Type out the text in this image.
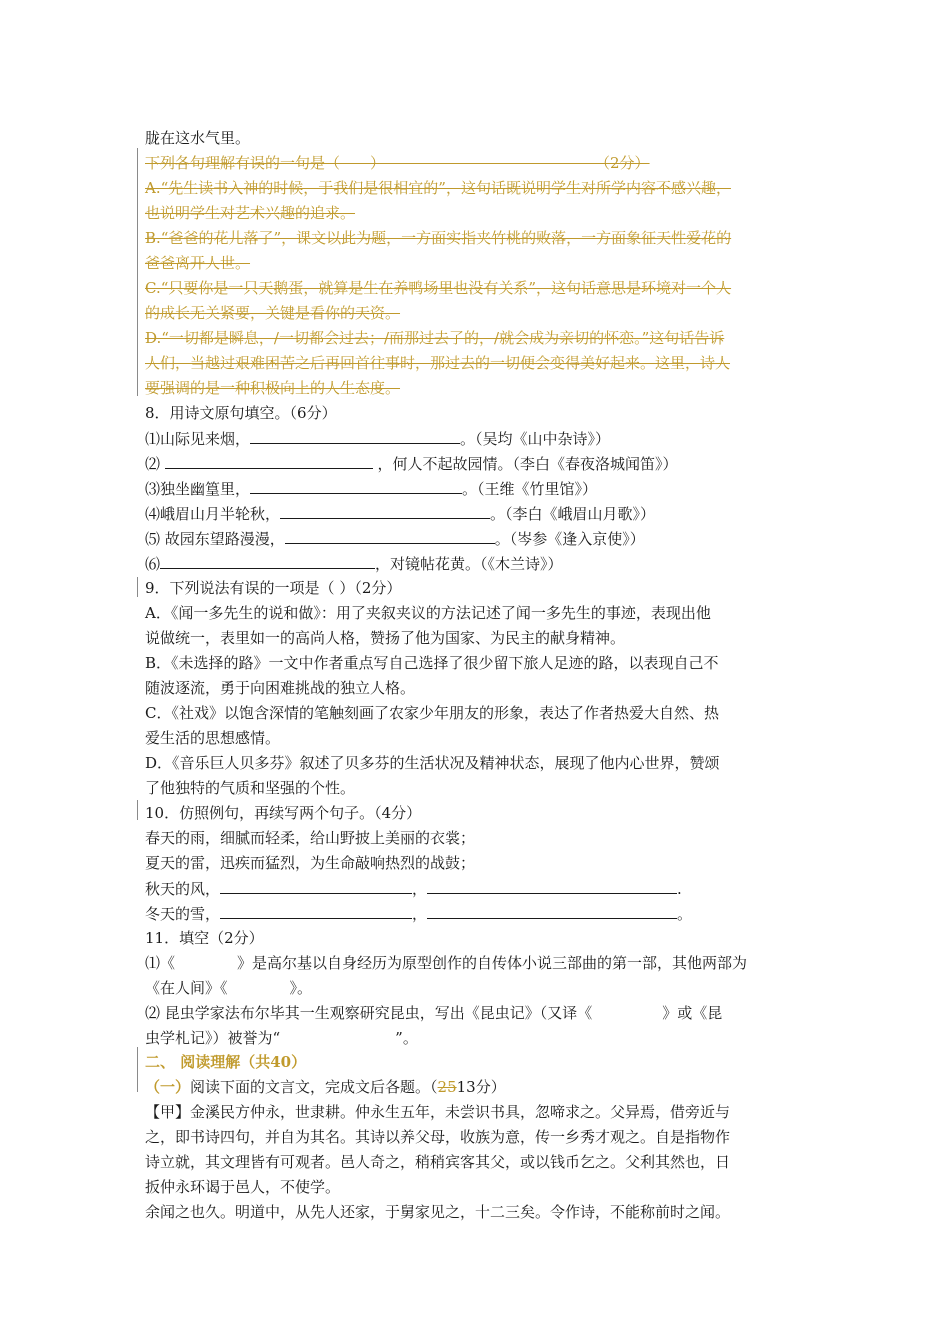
胧在这水气里。
下列各句理解有误的一句是（　　）　　　　　　　　　　　　　　　（2分）
A.“先生读书入神的时候，于我们是很相宜的”，这句话既说明学生对所学内容不感兴趣，
也说明学生对艺术兴趣的追求。
B.“爸爸的花儿落了”，课文以此为题，一方面实指夹竹桃的败落，一方面象征天性爱花的
爸爸离开人世。
C.“只要你是一只天鹅蛋，就算是生在养鸭场里也没有关系”，这句话意思是环境对一个人
的成长无关紧要，关键是看你的天资。
D.“一切都是瞬息，/一切都会过去；/而那过去了的，/就会成为亲切的怀恋。”这句话告诉
人们，当越过艰难困苦之后再回首往事时，那过去的一切便会变得美好起来。这里，诗人
要强调的是一种积极向上的人生态度。
8．用诗文原句填空。（6分）
⑴山际见来烟，	。（吴均《山中杂诗》）
⑵	，何人不起故园情。（李白《春夜洛城闻笛》）
⑶独坐幽篁里，	。（王维《竹里馆》）
⑷峨眉山月半轮秋，	。（李白《峨眉山月歌》）
⑸ 故园东望路漫漫，	。（岑参《逢入京使》）
⑹	，对镜帖花黄。（《木兰诗》）
9．下列说法有误的一项是（ ）（2分）
A．《闻一多先生的说和做》：用了夹叙夹议的方法记述了闻一多先生的事迹，表现出他
说做统一，表里如一的高尚人格，赞扬了他为国家、为民主的献身精神。
B．《未选择的路》一文中作者重点写自己选择了很少留下旅人足迹的路，以表现自己不
随波逐流，勇于向困难挑战的独立人格。
C．《社戏》以饱含深情的笔触刻画了农家少年朋友的形象，表达了作者热爱大自然、热
爱生活的思想感情。
D．《音乐巨人贝多芬》叙述了贝多芬的生活状况及精神状态，展现了他内心世界，赞颂
了他独特的气质和坚强的个性。
10．仿照例句，再续写两个句子。（4分）
春天的雨，细腻而轻柔，给山野披上美丽的衣裳；
夏天的雷，迅疾而猛烈，为生命敲响热烈的战鼓；
秋天的风，	，	.
冬天的雪，	，	。
11．填空（2分）
⑴《	》是高尔基以自身经历为原型创作的自传体小说三部曲的第一部，其他两部为
《在人间》《	》。
⑵ 昆虫学家法布尔毕其一生观察研究昆虫，写出《昆虫记》（又译《	》或《昆
虫学札记》）被誉为“	”。
二、 阅读理解（共40）
（一）阅读下面的文言文，完成文后各题。（2513分）
【甲】金溪民方仲永，世隶耕。仲永生五年，未尝识书具，忽啼求之。父异焉，借旁近与
之，即书诗四句，并自为其名。其诗以养父母，收族为意，传一乡秀才观之。自是指物作
诗立就，其文理皆有可观者。邑人奇之，稍稍宾客其父，或以钱币乞之。父利其然也，日
扳仲永环谒于邑人，不使学。
余闻之也久。明道中，从先人还家，于舅家见之，十二三矣。令作诗，不能称前时之闻。
